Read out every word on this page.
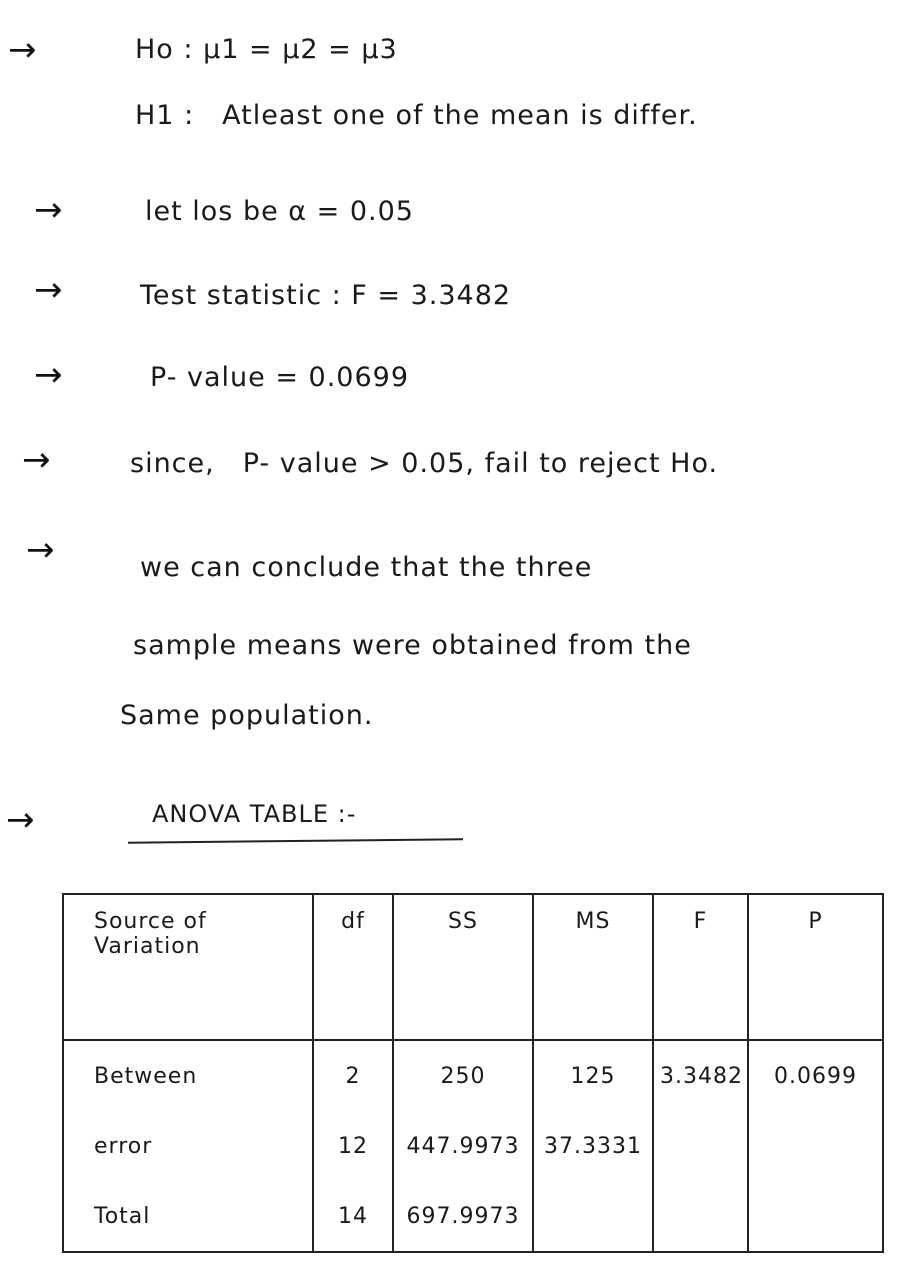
→	Ho : μ1 = μ2 = μ3
H1 : Atleast one of the mean is differ.
→	let los be α = 0.05
→	Test statistic : F = 3.3482
→	P- value = 0.0699
→	since, P- value > 0.05, fail to reject Ho.
→	we can conclude that the three
sample means were obtained from the
Same population.
→	ANOVA TABLE :-
Source of Variation	df	SS	MS	F	P
Between	2	250	125	3.3482	0.0699
error	12	447.9973	37.3331		
Total	14	697.9973			
